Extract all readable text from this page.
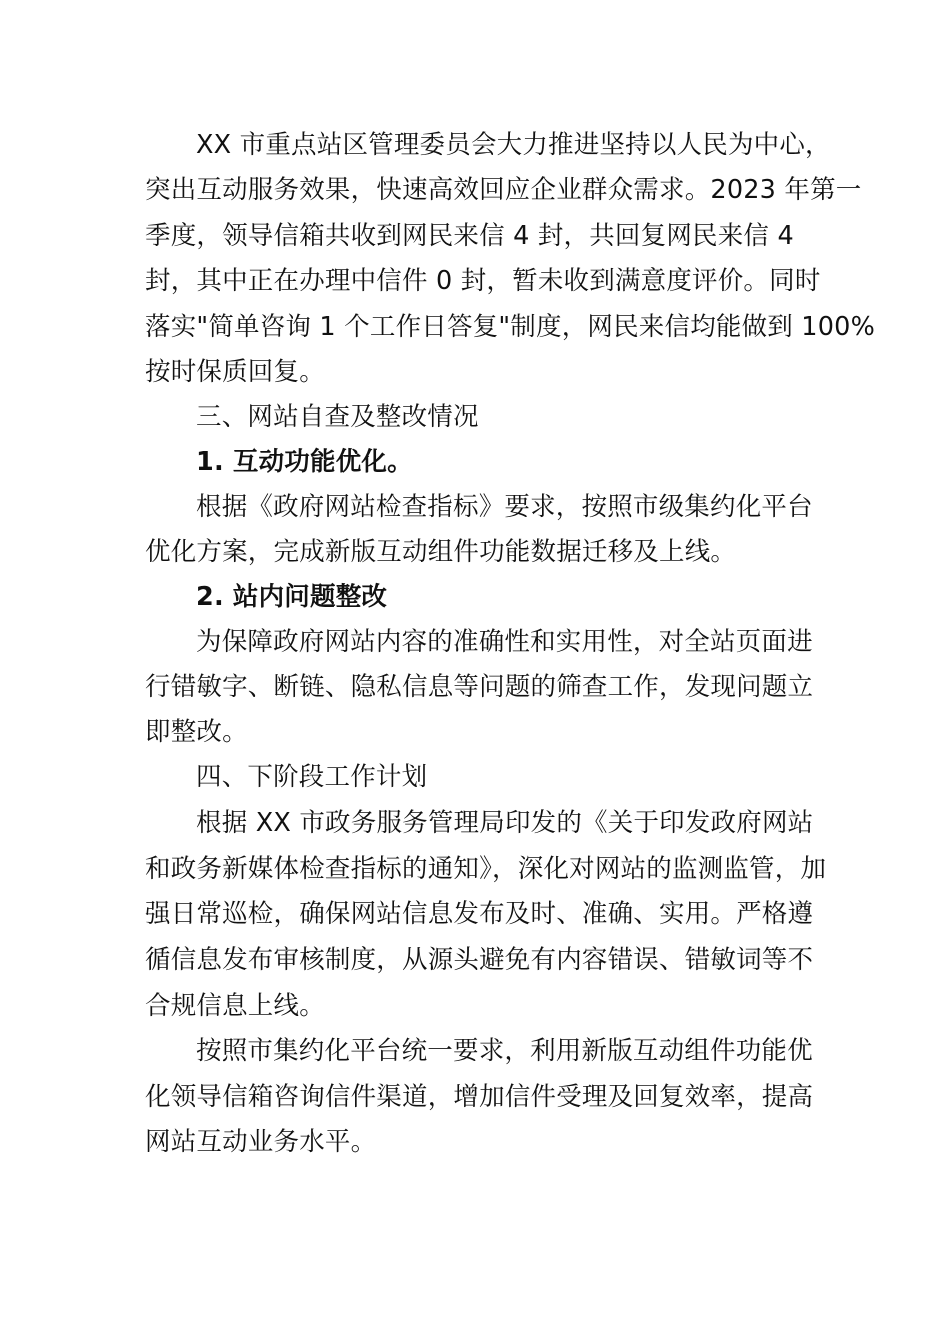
XX 市重点站区管理委员会大力推进坚持以人民为中心，
突出互动服务效果，快速高效回应企业群众需求。2023 年第一
季度，领导信箱共收到网民来信 4 封，共回复网民来信 4
封，其中正在办理中信件 0 封，暂未收到满意度评价。同时
落实"简单咨询 1 个工作日答复"制度，网民来信均能做到 100%
按时保质回复。
三、网站自查及整改情况
1. 互动功能优化。
根据《政府网站检查指标》要求，按照市级集约化平台
优化方案，完成新版互动组件功能数据迁移及上线。
2. 站内问题整改
为保障政府网站内容的准确性和实用性，对全站页面进
行错敏字、断链、隐私信息等问题的筛查工作，发现问题立
即整改。
四、下阶段工作计划
根据 XX 市政务服务管理局印发的《关于印发政府网站
和政务新媒体检查指标的通知》，深化对网站的监测监管，加
强日常巡检，确保网站信息发布及时、准确、实用。严格遵
循信息发布审核制度，从源头避免有内容错误、错敏词等不
合规信息上线。
按照市集约化平台统一要求，利用新版互动组件功能优
化领导信箱咨询信件渠道，增加信件受理及回复效率，提高
网站互动业务水平。
